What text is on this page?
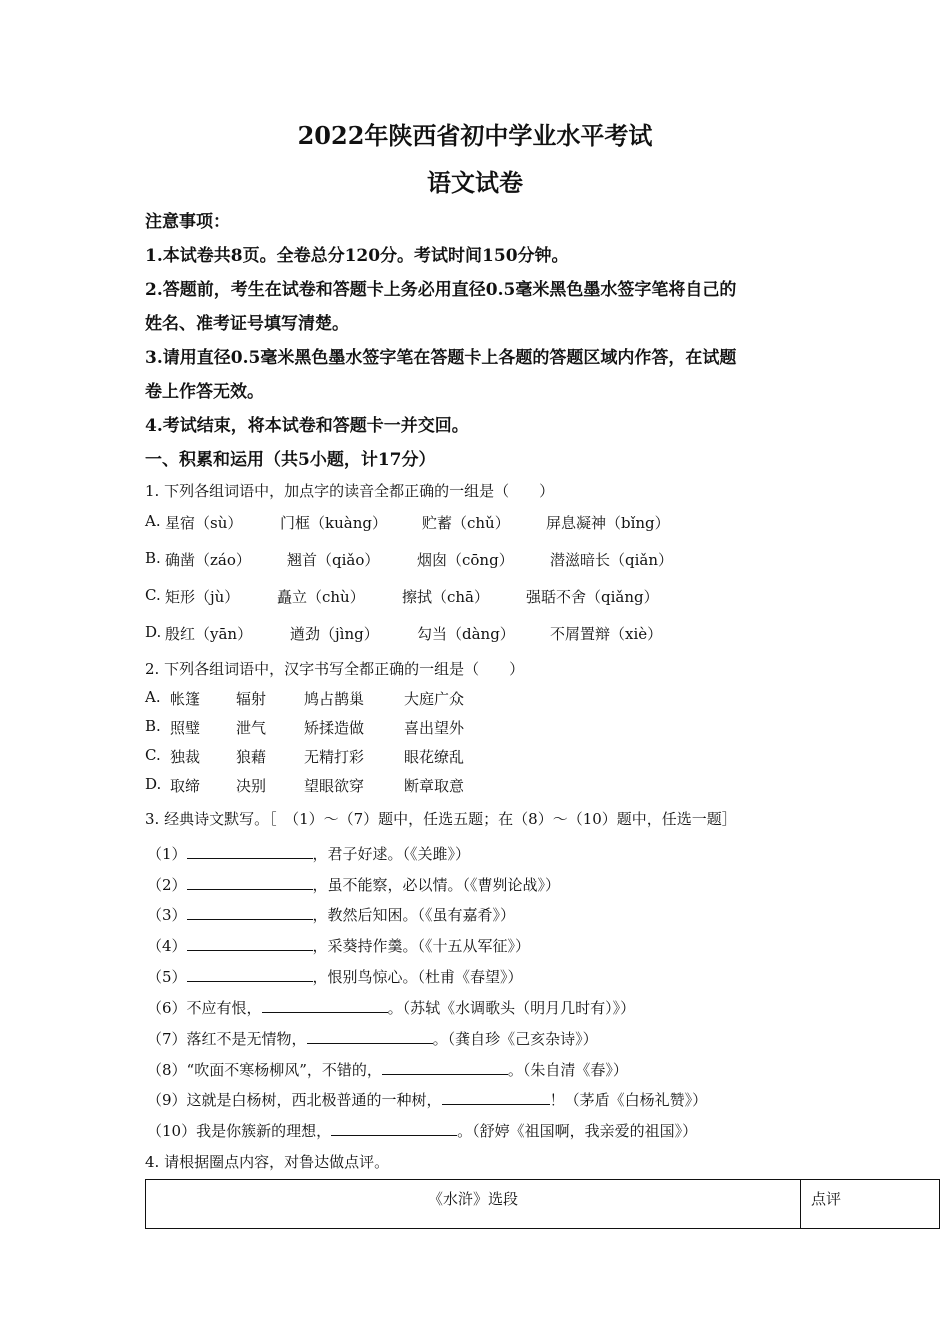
2022年陕西省初中学业水平考试
语文试卷
注意事项：
1.本试卷共8页。全卷总分120分。考试时间150分钟。
2.答题前，考生在试卷和答题卡上务必用直径0.5毫米黑色墨水签字笔将自己的
姓名、准考证号填写清楚。
3.请用直径0.5毫米黑色墨水签字笔在答题卡上各题的答题区域内作答，在试题
卷上作答无效。
4.考试结束，将本试卷和答题卡一并交回。
一、积累和运用（共5小题，计17分）
1. 下列各组词语中，加点字的读音全都正确的一组是（　　）
A. 星宿（sù）	门框（kuàng） 贮蓄（chǔ） 屏息凝神（bǐng）
B. 确凿（záo） 翘首（qiǎo）	烟囱（cōng） 潜滋暗长（qiǎn）
C. 矩形（jù）	矗立（chù） 擦拭（chā） 强聒不舍（qiǎng）
D. 殷红（yān）	遒劲（jìng）	勾当（dàng） 不屑置辩（xiè）
2. 下列各组词语中，汉字书写全都正确的一组是（　　）
A. 帐篷 辐射	鸠占鹊巢	大庭广众
B. 照璧 泄气	矫揉造做	喜出望外
C. 独裁 狼藉	无精打彩	眼花缭乱
D. 取缔 决别	望眼欲穿	断章取意
3. 经典诗文默写。［　（1）～（7）题中，任选五题；在（8）～（10）题中，任选一题］
（1）	，君子好逑。（《关雎》）
（2）	，虽不能察，必以情。（《曹刿论战》）
（3）	，教然后知困。（《虽有嘉肴》）
（4）	，采葵持作羹。（《十五从军征》）
（5）	，恨别鸟惊心。（杜甫《春望》）
（6）不应有恨，	。（苏轼《水调歌头（明月几时有）》）
（7）落红不是无情物，	。（龚自珍《己亥杂诗》）
（8）“吹面不寒杨柳风”，不错的，	。（朱自清《春》）
（9）这就是白杨树，西北极普通的一种树，	！（茅盾《白杨礼赞》）
（10）我是你簇新的理想，	。（舒婷《祖国啊，我亲爱的祖国》）
4. 请根据圈点内容，对鲁达做点评。
《水浒》选段	点评
